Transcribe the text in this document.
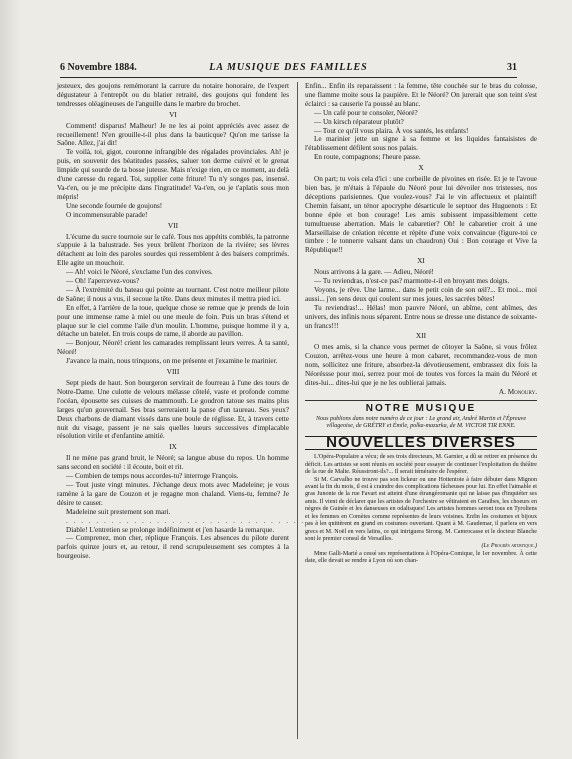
6 Novembre 1884.	LA MUSIQUE DES FAMILLES	31

jesteuex, des goujons remémorant la carrure du notaire honoraire, de l'expert dégustateur à l'entrepôt ou du blatier retraité, des goujons qui fondent les tendresses oléagineuses de l'anguille dans le marbre du brochet.

VI

Comment! disparus! Malheur! Je ne les ai point appréciés avec assez de recueillement! N'en grouille-t-il plus dans la bauticque? Qu'on me tarisse la Saône. Allez, j'ai dit!

Te voilà, toi, gigot, couronne infrangible des régalades provinciales. Ah! je puis, en souvenir des béatitudes passées, saluer ton derme cuivré et le grenat limpide qui sourde de ta bosse juteuse. Mais n'exige rien, en ce moment, au delà d'une caresse du regard. Toi, supplier cette friture! Tu n'y songes pas, insensé. Va-t'en, ou je me précipite dans l'ingratitude! Va-t'en, ou je t'aplatis sous mon mépris!

Une seconde fournée de goujons!

O incommensurable parade!

VII

L'écume du sucre tournoie sur le café. Tous nos appétits comblés, la patronne s'appuie à la balustrade. Ses yeux brûlent l'horizon de la rivière; ses lèvres détachent au loin des paroles sourdes qui ressemblent à des baisers comprimés. Elle agite un mouchoir.

— Ah! voici le Néoré, s'exclame l'un des convives.

— Oh! l'apercevez-vous?

— À l'extrémité du bateau qui pointe au tournant. C'est notre meilleur pilote de Saône; il nous a vus, il secoue la tête. Dans deux minutes il mettra pied ici.

En effet, à l'arrière de la toue, quelque chose se remue que je prends de loin pour une immense rame à miel ou une meule de foin. Puis un bras s'étend et plaque sur le ciel comme l'aile d'un moulin. L'homme, puisque homme il y a, détache un batelet. En trois coups de rame, il aborde au pavillon.

— Bonjour, Néoré! crient les camarades remplissant leurs verres. À ta santé, Néoré!

J'avance la main, nous trinquons, on me présente et j'examine le marinier.

VIII

Sept pieds de haut. Son bourgeron servirait de fourreau à l'une des tours de Notre-Dame. Une culotte de velours mélasse côtelé, vaste et profonde comme l'océan, épousette ses cuisses de mammouth. Le goudron tatoue ses mains plus larges qu'un gouvernail. Ses bras serreraient la panse d'un taureau. Ses yeux? Deux charbons de diamant vissés dans une boule de réglisse. Et, à travers cette nuit du visage, passent je ne sais quelles lueurs successives d'implacable résolution virile et d'enfantine amitié.

IX

Il ne mène pas grand bruit, le Néoré; sa langue abuse du repos. Un homme sans second en société : il écoute, boit et rit.

— Combien de temps nous accordes-tu? interroge François.

— Tout juste vingt minutes. J'échange deux mots avec Madeleine; je vous ramène à la gare de Couzon et je regagne mon chaland. Viens-tu, femme? Je désire te causer.

Madeleine suit prestement son mari.

. . . . . . . . . . . . . . . . . . . . . . . . . . . . . . . . . . . . . . . . .

Diable! L'entretien se prolonge indéfiniment et j'en hasarde la remarque.

— Comprenez, mon cher, réplique François. Les absences du pilote durent parfois quinze jours et, au retour, il rend scrupuleusement ses comptes à la bourgeoise.

Enfin... Enfin ils reparaissent : la femme, tête couchée sur le bras du colosse, une flamme moite sous la paupière. Et le Néoré? On jurerait que son teint s'est éclairci : sa causerie l'a poussé au blanc.

— Un café pour te consoler, Néoré?

— Un kirsch réparateur plutôt?

— Tout ce qu'il vous plaira. À vos santés, les enfants!

Le marinier jette un signe à sa femme et les liquides fantaisistes de l'établissement défilent sous nos palais.

En route, compagnons; l'heure passe.

X

On part; tu vois cela d'ici : une corbeille de pivoines en risée. Et je te l'avoue bien bas, je m'étais à l'épaule du Néoré pour lui dévoiler nos tristesses, nos déceptions parisiennes. Que voulez-vous? J'ai le vin affectueux et plaintif! Chemin faisant, un ténor apocryphe désarticule le septuor des Huguenots : Et bonne épée et bon courage! Les amis subissent impassiblement cette tumultueuse aberration. Mais le cabaretier? Oh! le cabaretier croit à une Marseillaise de création récente et répète d'une voix convaincue (figure-toi ce timbre : le tonnerre valsant dans un chaudron) Oui : Bon courage et Vive la République!!

XI

Nous arrivons à la gare. — Adieu, Néoré!

— Tu reviendras, n'est-ce pas? marmotte-t-il en broyant mes doigts.

Voyons, je rêve. Une larme... dans le petit coin de son œil?... Et moi... moi aussi... j'en sens deux qui coulent sur mes joues, les sacrées bêtes!

Tu reviendras!... Hélas! mon pauvre Néoré, un abîme, cent abîmes, des univers, des infinis nous séparent. Entre nous se dresse une distance de soixante-un francs!!!

XII

O mes amis, si la chance vous permet de côtoyer la Saône, si vous frôlez Couzon, arrêtez-vous une heure à mon cabaret, recommandez-vous de mon nom, sollicitez une friture, absorbez-la dévotieusement, embrassez dix fois la Néoréssse pour moi, serrez pour moi de toutes vos forces la main du Néoré et dites-lui... dites-lui que je ne les oublierai jamais.

A. Monoury.

NOTRE MUSIQUE

Nous publions dans notre numéro de ce jour : Le grand air, André Martin et l'Épreuve villageoise, de GRÉTRY et Émile, polka-mazurka, de M. VICTOR TIR ENNE.

NOUVELLES DIVERSES

L'Opéra-Populaire a vécu; de ses trois directeurs, M. Garnier, a dû se retirer en présence du déficit. Les artistes se sont réunis en société pour essayer de continuer l'exploitation du théâtre de la rue de Malte. Réussiront-ils?... Il serait téméraire de l'espérer.

Si M. Carvalho ne trouve pas son lickeur ou une Hottentote à faire débuter dans Mignon avant la fin du mois, il est à craindre des complications fâcheuses pour lui. En effet l'aimable et gras Junonie de la rue Favart est atteint d'une étrangéromanie qui ne laisse pas d'inquiéter ses amis. Il vient de déclarer que les artistes de l'orchestre se vêtiraient en Caraïbes, les choeurs en nègres de Guinée et les danseuses en odalisques! Les artistes hommes seront tous en Tyroliens et les femmes en Comètes comme représentes de leurs voisines. Enfin les costumes et bijoux pas à les quittèrent en grand en costumes ouvertant. Quant à M. Gaudemar, il parlera en vers grecs et M. Noël en vers latins, ce qui intriguera Strong. M. Camrocasse et le docteur Blanche sont le premier consul de Versailles.

(Le Progrès artistique.)

Mme Galli-Marié a cessé ses représentations à l'Opéra-Comique, le 1er novembre. À cette date, elle devait se rendre à Lyon où son chan-
